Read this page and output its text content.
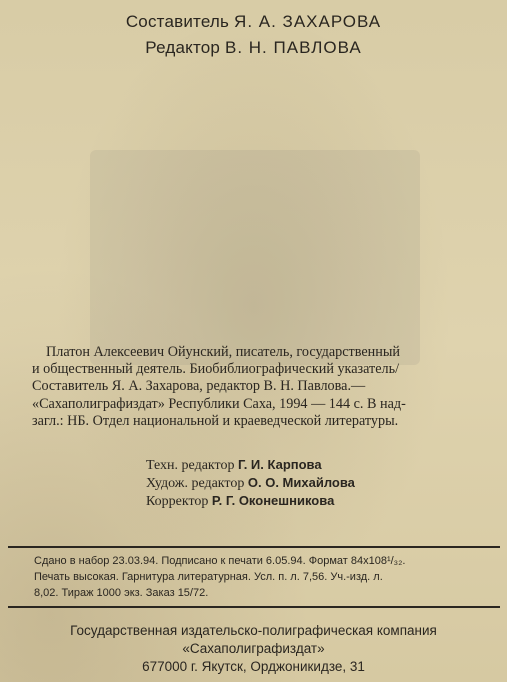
Составитель Я. А. ЗАХАРОВА
Редактор В. Н. ПАВЛОВА
Платон Алексеевич Ойунский, писатель, государственный
и общественный деятель. Биобиблиографический указатель/
Составитель Я. А. Захарова, редактор В. Н. Павлова.—
«Сахаполиграфиздат» Республики Саха, 1994 — 144 с. В над-
загл.: НБ. Отдел национальной и краеведческой литературы.
Техн. редактор Г. И. Карпова
Худож. редактор О. О. Михайлова
Корректор Р. Г. Оконешникова
Сдано в набор 23.03.94. Подписано к печати 6.05.94. Формат 84х108¹/₃₂.
Печать высокая. Гарнитура литературная. Усл. п. л. 7,56. Уч.-изд. л.
8,02. Тираж 1000 экз. Заказ 15/72.
Государственная издательско-полиграфическая компания
«Сахаполиграфиздат»
677000 г. Якутск, Орджоникидзе, 31
